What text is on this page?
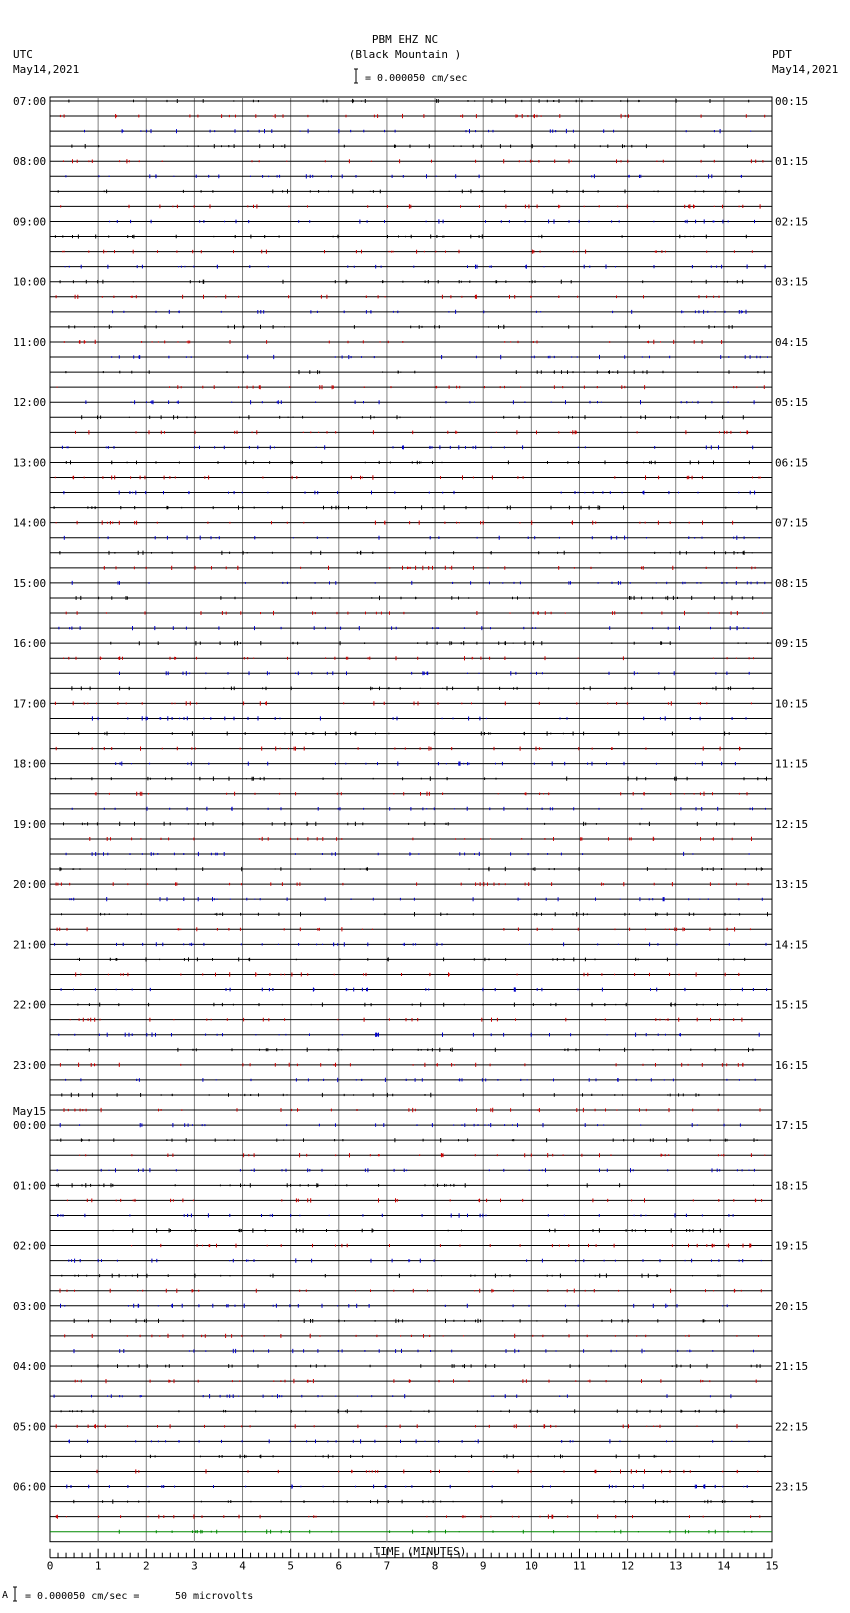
PBM EHZ NC
(Black Mountain )
= 0.000050 cm/sec
UTC
May14,2021
PDT
May14,2021
07:00
08:00
09:00
10:00
11:00
12:00
13:00
14:00
15:00
16:00
17:00
18:00
19:00
20:00
21:00
22:00
23:00
00:00
May15
01:00
02:00
03:00
04:00
05:00
06:00
00:15
01:15
02:15
03:15
04:15
05:15
06:15
07:15
08:15
09:15
10:15
11:15
12:15
13:15
14:15
15:15
16:15
17:15
18:15
19:15
20:15
21:15
22:15
23:15
0	1	2	3	4	5	6	7	8	9	10	11	12	13	14	15
TIME (MINUTES)
A = 0.000050 cm/sec =	50 microvolts
